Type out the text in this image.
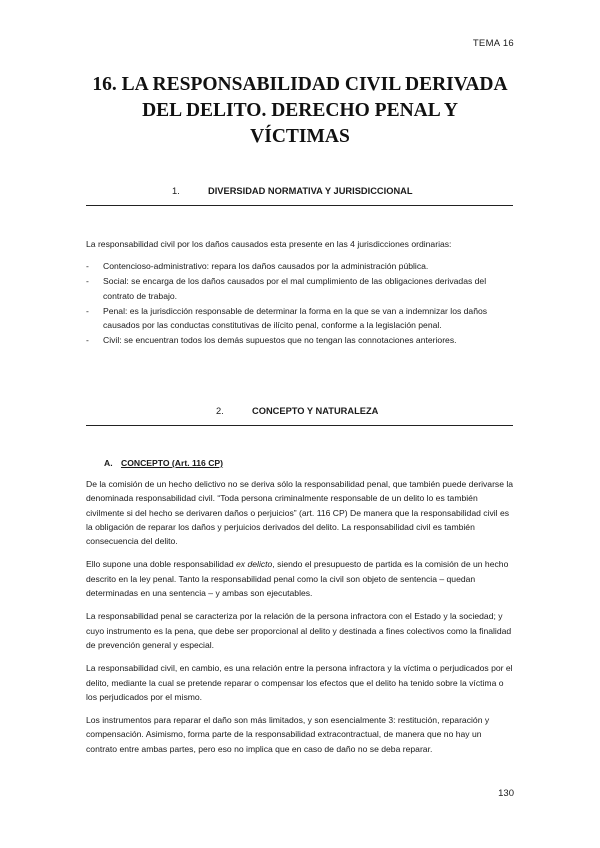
TEMA 16
16. LA RESPONSABILIDAD CIVIL DERIVADA
DEL DELITO. DERECHO PENAL Y
VÍCTIMAS
1.	DIVERSIDAD NORMATIVA Y JURISDICCIONAL

La responsabilidad civil por los daños causados esta presente en las 4 jurisdicciones ordinarias:

- Contencioso-administrativo: repara los daños causados por la administración pública.
- Social: se encarga de los daños causados por el mal cumplimiento de las obligaciones derivadas del contrato de trabajo.
- Penal: es la jurisdicción responsable de determinar la forma en la que se van a indemnizar los daños causados por las conductas constitutivas de ilícito penal, conforme a la legislación penal.
- Civil: se encuentran todos los demás supuestos que no tengan las connotaciones anteriores.
2.	CONCEPTO Y NATURALEZA
A. CONCEPTO (Art. 116 CP)

De la comisión de un hecho delictivo no se deriva sólo la responsabilidad penal, que también puede derivarse la denominada responsabilidad civil. “Toda persona criminalmente responsable de un delito lo es también civilmente si del hecho se derivaren daños o perjuicios” (art. 116 CP) De manera que la responsabilidad civil es la obligación de reparar los daños y perjuicios derivados del delito. La responsabilidad civil es también consecuencia del delito.

Ello supone una doble responsabilidad ex delicto, siendo el presupuesto de partida es la comisión de un hecho descrito en la ley penal. Tanto la responsabilidad penal como la civil son objeto de sentencia – quedan determinadas en una sentencia – y ambas son ejecutables.

La responsabilidad penal se caracteriza por la relación de la persona infractora con el Estado y la sociedad; y cuyo instrumento es la pena, que debe ser proporcional al delito y destinada a fines colectivos como la finalidad de prevención general y especial.

La responsabilidad civil, en cambio, es una relación entre la persona infractora y la víctima o perjudicados por el delito, mediante la cual se pretende reparar o compensar los efectos que el delito ha tenido sobre la víctima o los perjudicados por el mismo.

Los instrumentos para reparar el daño son más limitados, y son esencialmente 3: restitución, reparación y compensación. Asimismo, forma parte de la responsabilidad extracontractual, de manera que no hay un contrato entre ambas partes, pero eso no implica que en caso de daño no se deba reparar.

130
